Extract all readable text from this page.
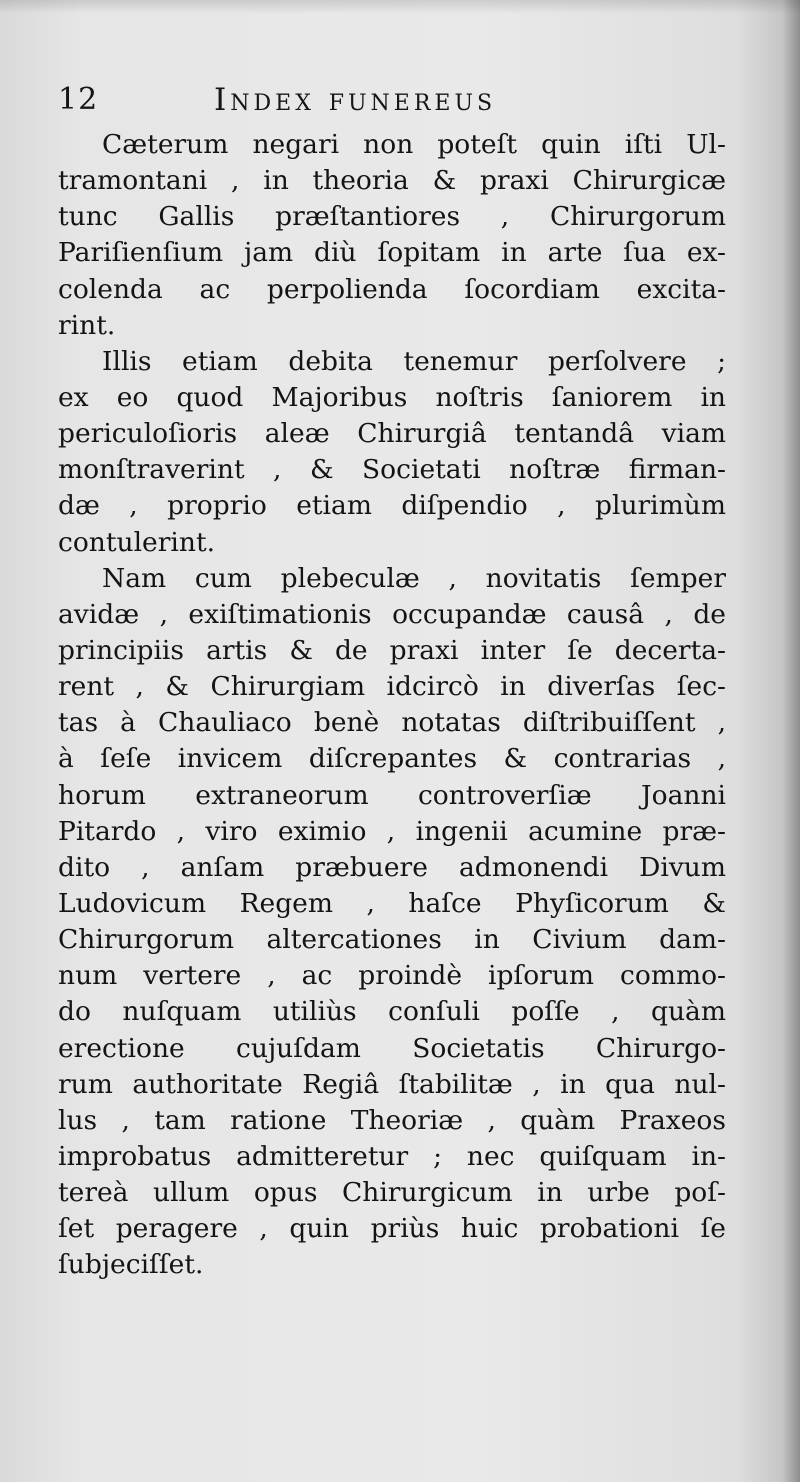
12	Index funereus
Cæterum negari non poteſt quin iſti Ul-
tramontani , in theoria & praxi Chirurgicæ
tunc Gallis præſtantiores , Chirurgorum
Pariſienſium jam diù ſopitam in arte ſua ex-
colenda ac perpolienda ſocordiam excita-
rint.
Illis etiam debita tenemur perſolvere ;
ex eo quod Majoribus noſtris ſaniorem in
periculoſioris aleæ Chirurgiâ tentandâ viam
monſtraverint , & Societati noſtræ firman-
dæ , proprio etiam diſpendio , plurimùm
contulerint.
Nam cum plebeculæ , novitatis ſemper
avidæ , exiſtimationis occupandæ causâ , de
principiis artis & de praxi inter ſe decerta-
rent , & Chirurgiam idcircò in diverſas ſec-
tas à Chauliaco benè notatas diſtribuiſſent ,
à ſeſe invicem diſcrepantes & contrarias ,
horum extraneorum controverſiæ Joanni
Pitardo , viro eximio , ingenii acumine præ-
dito , anſam præbuere admonendi Divum
Ludovicum Regem , haſce Phyſicorum &
Chirurgorum altercationes in Civium dam-
num vertere , ac proindè ipſorum commo-
do nuſquam utiliùs conſuli poſſe , quàm
erectione cujuſdam Societatis Chirurgo-
rum authoritate Regiâ ſtabilitæ , in qua nul-
lus , tam ratione Theoriæ , quàm Praxeos
improbatus admitteretur ; nec quiſquam in-
tereà ullum opus Chirurgicum in urbe poſ-
ſet peragere , quin priùs huic probationi ſe
ſubjeciſſet.
